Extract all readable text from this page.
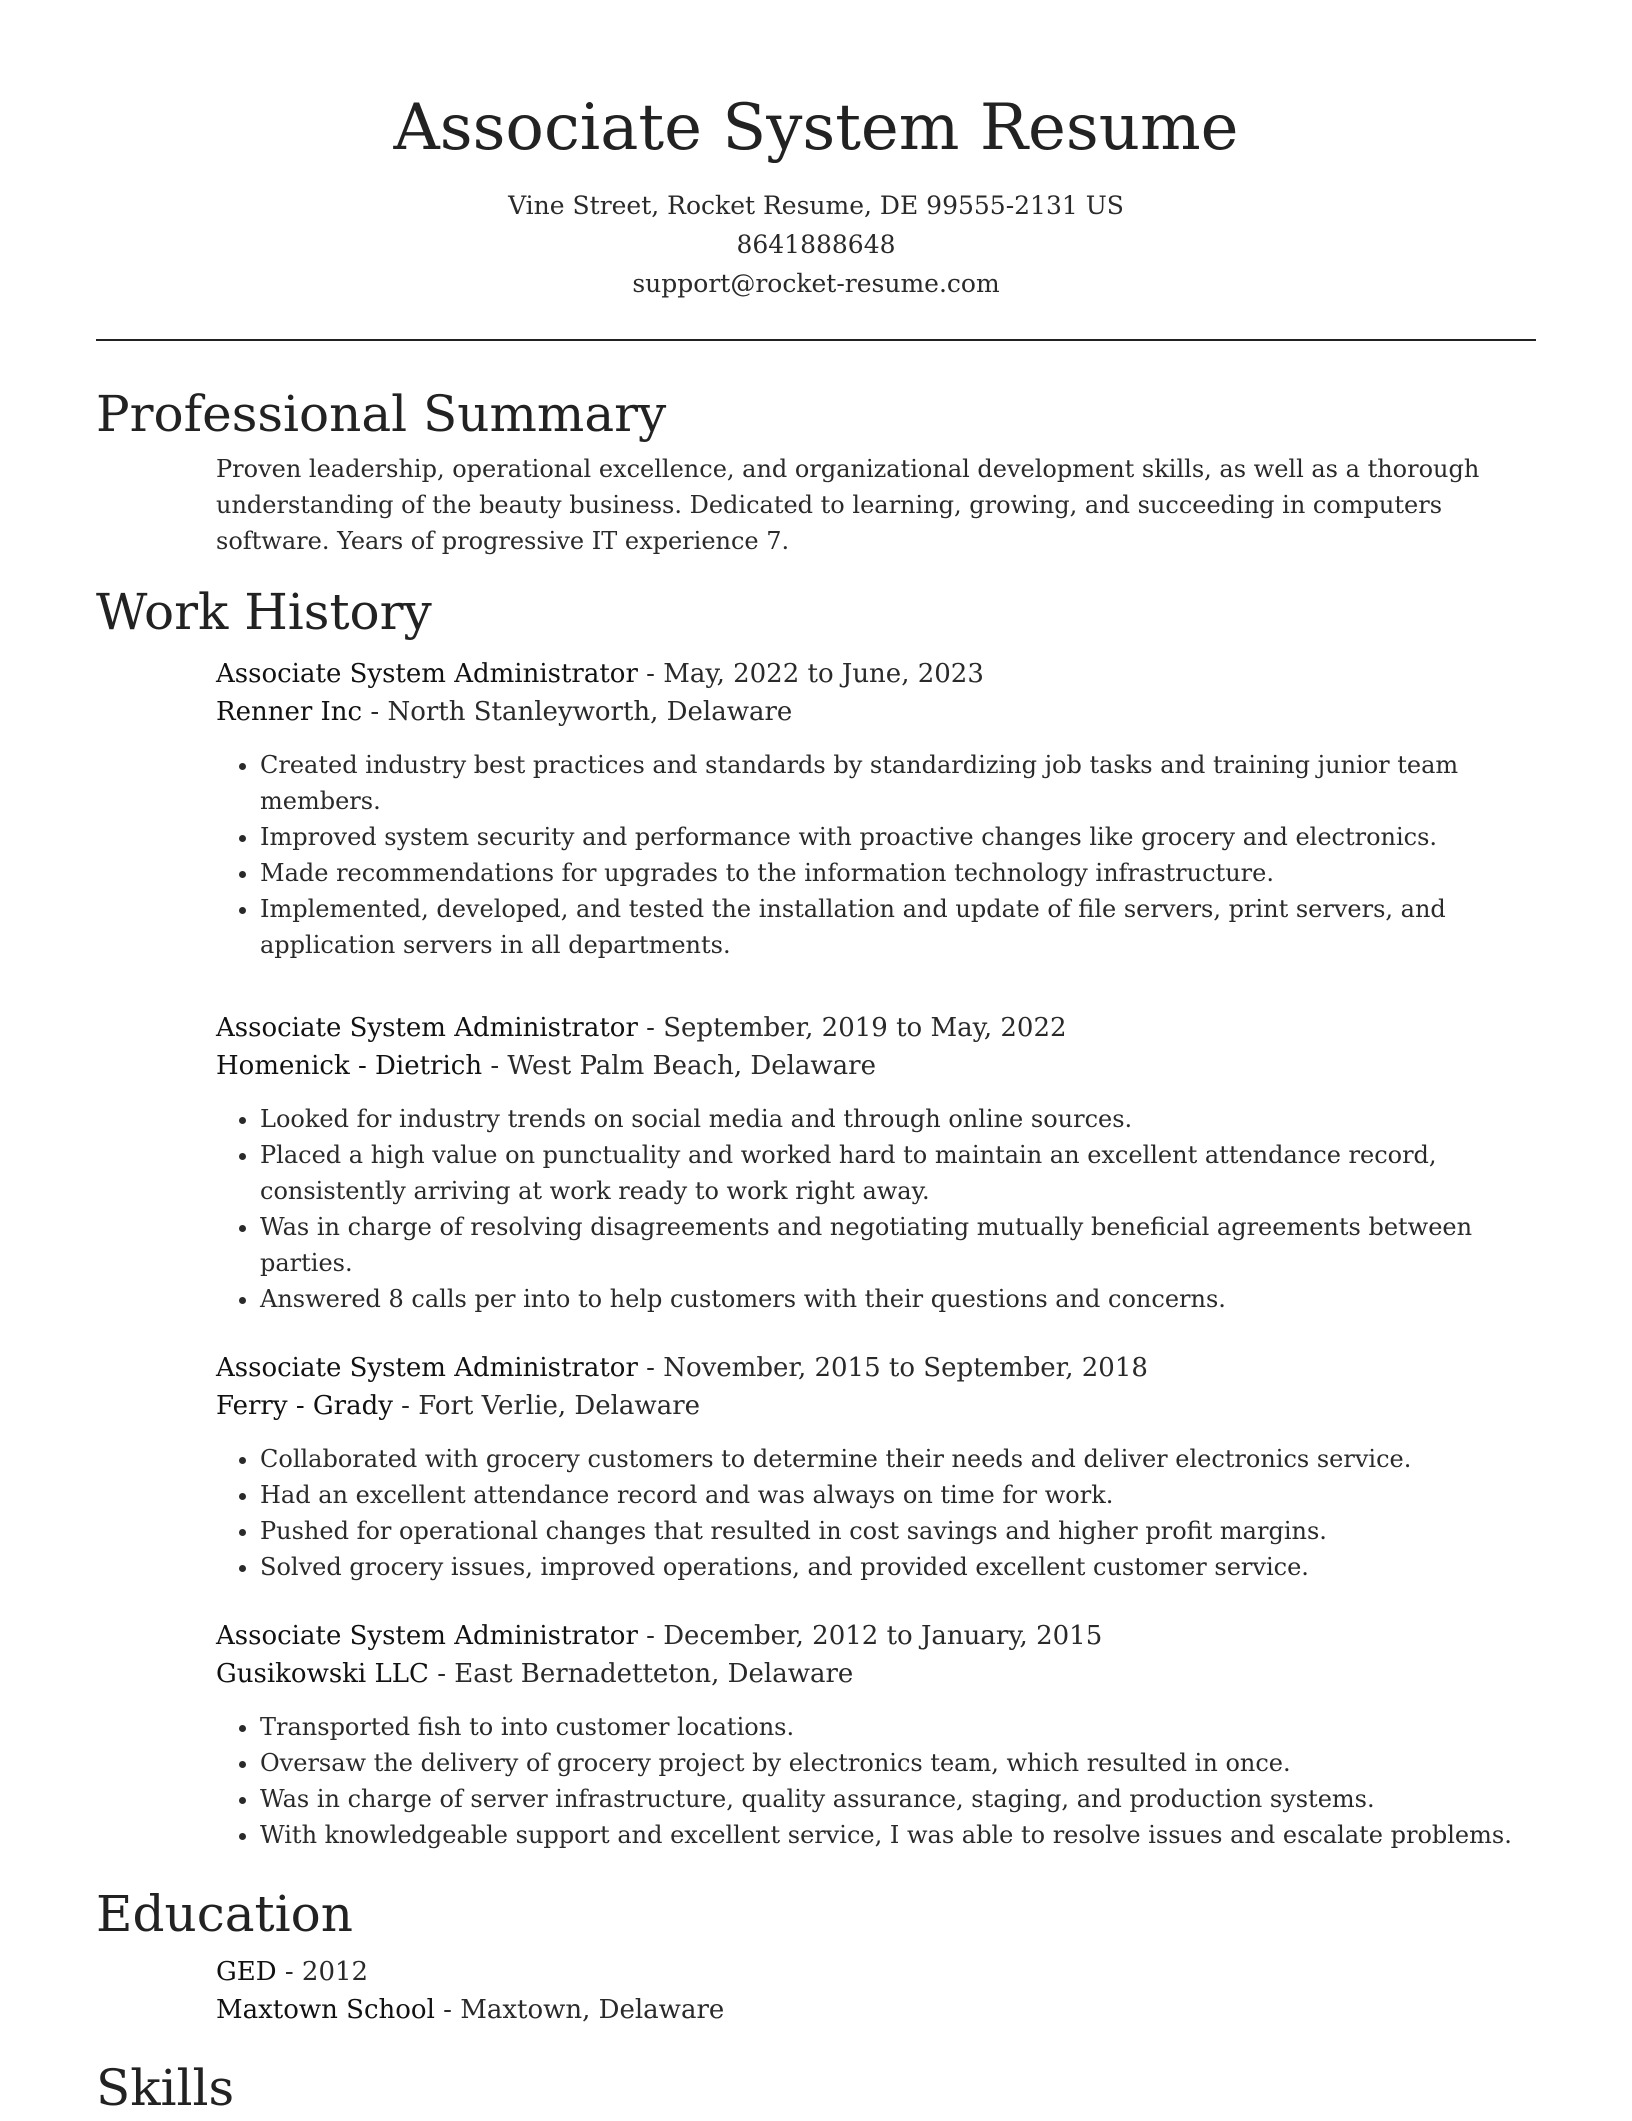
Associate System Resume
Vine Street, Rocket Resume, DE 99555-2131 US
8641888648
support@rocket-resume.com
Professional Summary

Proven leadership, operational excellence, and organizational development skills, as well as a thorough understanding of the beauty business. Dedicated to learning, growing, and succeeding in computers software. Years of progressive IT experience 7.

Work History
Associate System Administrator - May, 2022 to June, 2023
Renner Inc - North Stanleyworth, Delaware
• Created industry best practices and standards by standardizing job tasks and training junior team members.
• Improved system security and performance with proactive changes like grocery and electronics.
• Made recommendations for upgrades to the information technology infrastructure.
• Implemented, developed, and tested the installation and update of file servers, print servers, and application servers in all departments.
Associate System Administrator - September, 2019 to May, 2022
Homenick - Dietrich - West Palm Beach, Delaware
• Looked for industry trends on social media and through online sources.
• Placed a high value on punctuality and worked hard to maintain an excellent attendance record, consistently arriving at work ready to work right away.
• Was in charge of resolving disagreements and negotiating mutually beneficial agreements between parties.
• Answered 8 calls per into to help customers with their questions and concerns.
Associate System Administrator - November, 2015 to September, 2018
Ferry - Grady - Fort Verlie, Delaware
• Collaborated with grocery customers to determine their needs and deliver electronics service.
• Had an excellent attendance record and was always on time for work.
• Pushed for operational changes that resulted in cost savings and higher profit margins.
• Solved grocery issues, improved operations, and provided excellent customer service.
Associate System Administrator - December, 2012 to January, 2015
Gusikowski LLC - East Bernadetteton, Delaware
• Transported fish to into customer locations.
• Oversaw the delivery of grocery project by electronics team, which resulted in once.
• Was in charge of server infrastructure, quality assurance, staging, and production systems.
• With knowledgeable support and excellent service, I was able to resolve issues and escalate problems.
Education
GED - 2012
Maxtown School - Maxtown, Delaware
Skills
